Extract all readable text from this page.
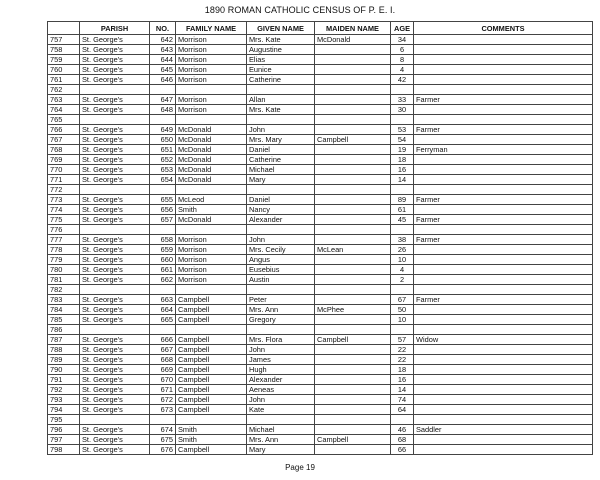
1890 ROMAN CATHOLIC CENSUS OF P. E. I.
	PARISH	NO.	FAMILY NAME	GIVEN NAME	MAIDEN NAME	AGE	COMMENTS
757	St. George's	642	Morrison	Mrs. Kate	McDonald	34	
758	St. George's	643	Morrison	Augustine		6	
759	St. George's	644	Morrison	Elias		8	
760	St. George's	645	Morrison	Eunice		4	
761	St. George's	646	Morrison	Catherine		42	
762							
763	St. George's	647	Morrison	Allan		33	Farmer
764	St. George's	648	Morrison	Mrs. Kate		30	
765							
766	St. George's	649	McDonald	John		53	Farmer
767	St. George's	650	McDonald	Mrs. Mary	Campbell	54	
768	St. George's	651	McDonald	Daniel		19	Ferryman
769	St. George's	652	McDonald	Catherine		18	
770	St. George's	653	McDonald	Michael		16	
771	St. George's	654	McDonald	Mary		14	
772							
773	St. George's	655	McLeod	Daniel		89	Farmer
774	St. George's	656	Smith	Nancy		61	
775	St. George's	657	McDonald	Alexander		45	Farmer
776							
777	St. George's	658	Morrison	John		38	Farmer
778	St. George's	659	Morrison	Mrs. Cecily	McLean	26	
779	St. George's	660	Morrison	Angus		10	
780	St. George's	661	Morrison	Eusebius		4	
781	St. George's	662	Morrison	Austin		2	
782							
783	St. George's	663	Campbell	Peter		67	Farmer
784	St. George's	664	Campbell	Mrs. Ann	McPhee	50	
785	St. George's	665	Campbell	Gregory		10	
786							
787	St. George's	666	Campbell	Mrs. Flora	Campbell	57	Widow
788	St. George's	667	Campbell	John		22	
789	St. George's	668	Campbell	James		22	
790	St. George's	669	Campbell	Hugh		18	
791	St. George's	670	Campbell	Alexander		16	
792	St. George's	671	Campbell	Aeneas		14	
793	St. George's	672	Campbell	John		74	
794	St. George's	673	Campbell	Kate		64	
795							
796	St. George's	674	Smith	Michael		46	Saddler
797	St. George's	675	Smith	Mrs. Ann	Campbell	68	
798	St. George's	676	Campbell	Mary		66	
Page 19
